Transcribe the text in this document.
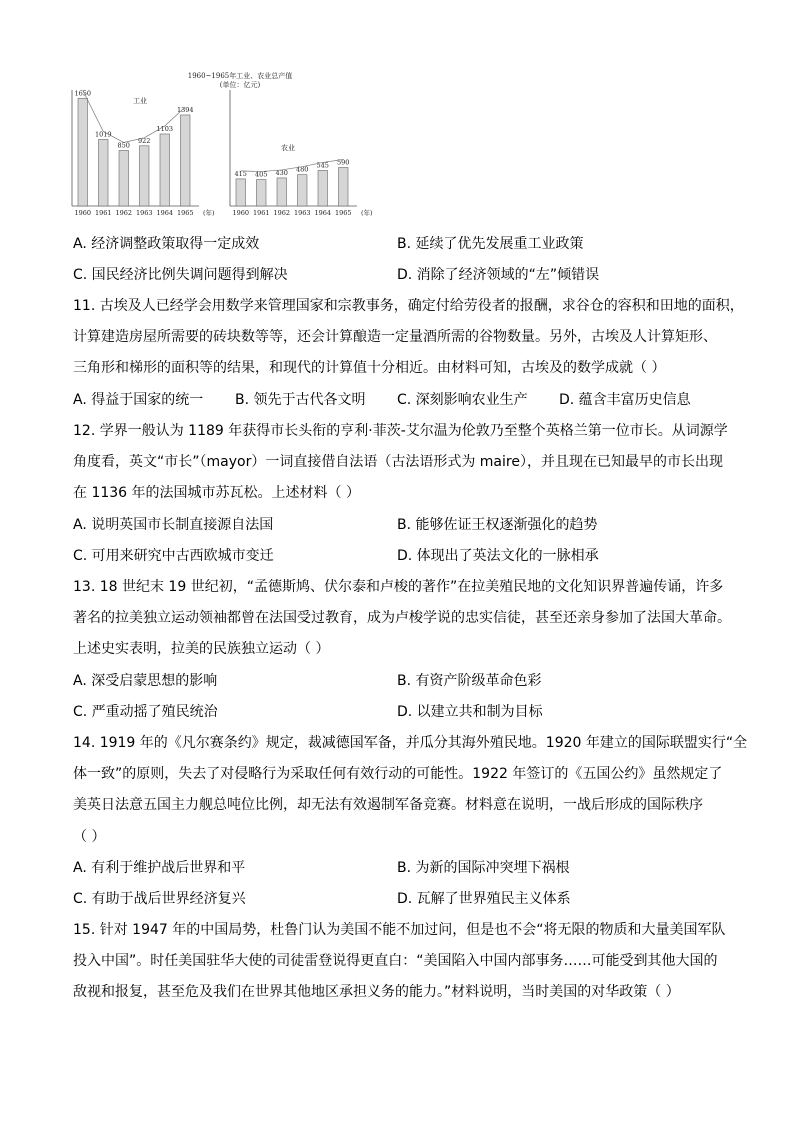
1960~1965年工业、农业总产值
(单位：亿元)
工业
1650
1960
1019
1961
850
1962
922
1963
1103
1964
1394
1965 (年)
农业
415
1960
405
1961
430
1962
480
1963
545
1964
590
1965 (年)
A. 经济调整政策取得一定成效	B. 延续了优先发展重工业政策
C. 国民经济比例失调问题得到解决	D. 消除了经济领域的“左”倾错误
11. 古埃及人已经学会用数学来管理国家和宗教事务，确定付给劳役者的报酬，求谷仓的容积和田地的面积，
计算建造房屋所需要的砖块数等等，还会计算酿造一定量酒所需的谷物数量。另外，古埃及人计算矩形、
三角形和梯形的面积等的结果，和现代的计算值十分相近。由材料可知，古埃及的数学成就（ ）
A. 得益于国家的统一 B. 领先于古代各文明 C. 深刻影响农业生产 D. 蕴含丰富历史信息
12. 学界一般认为 1189 年获得市长头衔的亨利·菲茨-艾尔温为伦敦乃至整个英格兰第一位市长。从词源学
角度看，英文“市长”（mayor）一词直接借自法语（古法语形式为 maire），并且现在已知最早的市长出现
在 1136 年的法国城市苏瓦松。上述材料（ ）
A. 说明英国市长制直接源自法国	B. 能够佐证王权逐渐强化的趋势
C. 可用来研究中古西欧城市变迁	D. 体现出了英法文化的一脉相承
13. 18 世纪末 19 世纪初，“孟德斯鸠、伏尔泰和卢梭的著作”在拉美殖民地的文化知识界普遍传诵，许多
著名的拉美独立运动领袖都曾在法国受过教育，成为卢梭学说的忠实信徒，甚至还亲身参加了法国大革命。
上述史实表明，拉美的民族独立运动（ ）
A. 深受启蒙思想的影响	B. 有资产阶级革命色彩
C. 严重动摇了殖民统治	D. 以建立共和制为目标
14. 1919 年的《凡尔赛条约》规定，裁减德国军备，并瓜分其海外殖民地。1920 年建立的国际联盟实行“全
体一致”的原则，失去了对侵略行为采取任何有效行动的可能性。1922 年签订的《五国公约》虽然规定了
美英日法意五国主力舰总吨位比例，却无法有效遏制军备竞赛。材料意在说明，一战后形成的国际秩序
（ ）
A. 有利于维护战后世界和平	B. 为新的国际冲突埋下祸根
C. 有助于战后世界经济复兴	D. 瓦解了世界殖民主义体系
15. 针对 1947 年的中国局势，杜鲁门认为美国不能不加过问，但是也不会“将无限的物质和大量美国军队
投入中国”。时任美国驻华大使的司徒雷登说得更直白：“美国陷入中国内部事务……可能受到其他大国的
敌视和报复，甚至危及我们在世界其他地区承担义务的能力。”材料说明，当时美国的对华政策（ ）
